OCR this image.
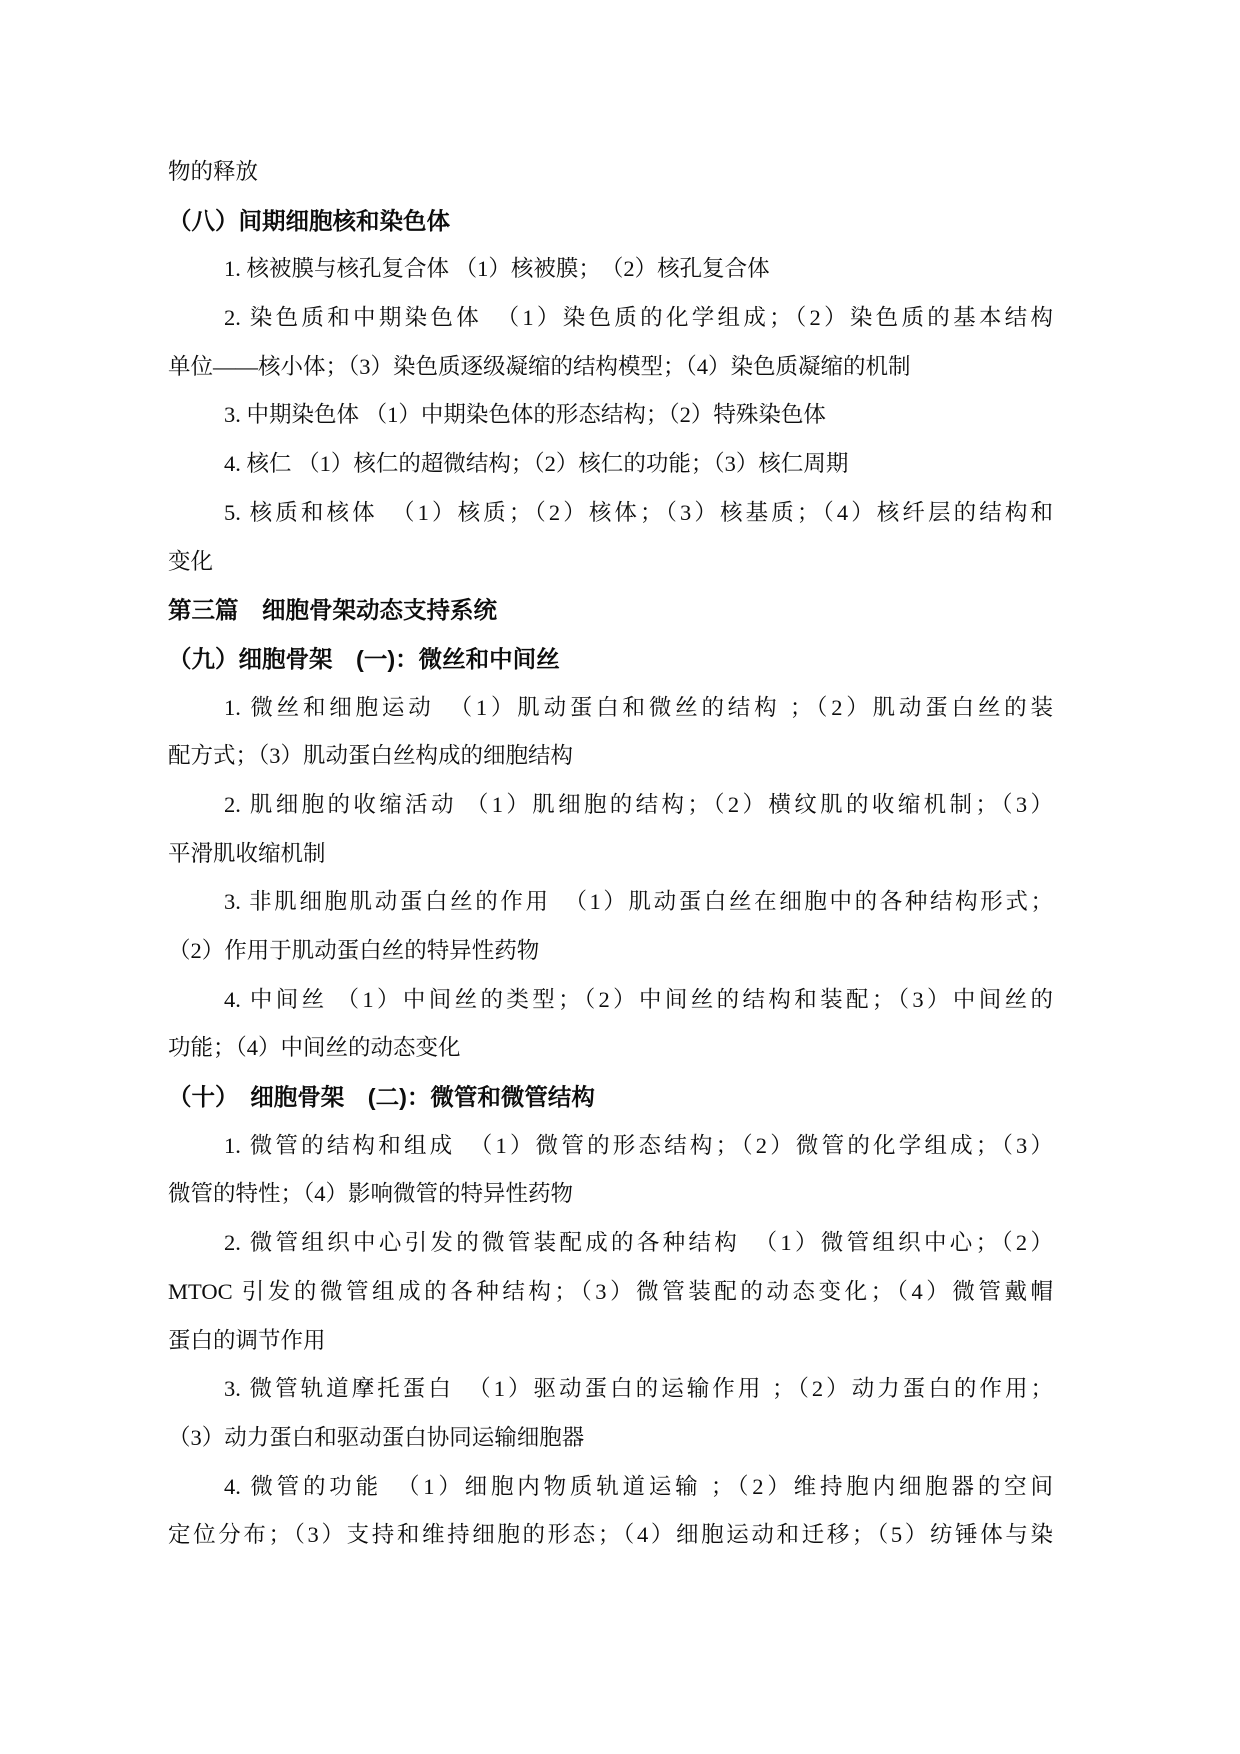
物的释放
（八）间期细胞核和染色体
1. 核被膜与核孔复合体 （1）核被膜；　（2）核孔复合体
2. 染色质和中期染色体　（1）染色质的化学组成；（2）染色质的基本结构
单位——核小体；（3）染色质逐级凝缩的结构模型；（4）染色质凝缩的机制
3. 中期染色体 （1）中期染色体的形态结构；（2）特殊染色体
4. 核仁 （1）核仁的超微结构；（2）核仁的功能；（3）核仁周期
5. 核质和核体　（1）核质；（2）核体；（3）核基质；（4）核纤层的结构和
变化
第三篇　细胞骨架动态支持系统
（九）细胞骨架　(一)：微丝和中间丝
1. 微丝和细胞运动　（1）肌动蛋白和微丝的结构 ；（2）肌动蛋白丝的装
配方式；（3）肌动蛋白丝构成的细胞结构
2. 肌细胞的收缩活动 （1）肌细胞的结构；（2）横纹肌的收缩机制；（3）
平滑肌收缩机制
3. 非肌细胞肌动蛋白丝的作用　（1）肌动蛋白丝在细胞中的各种结构形式；
（2）作用于肌动蛋白丝的特异性药物
4. 中间丝 （1）中间丝的类型；（2）中间丝的结构和装配；（3）中间丝的
功能；（4）中间丝的动态变化
（十）　细胞骨架　(二)：微管和微管结构
1. 微管的结构和组成　（1）微管的形态结构；（2）微管的化学组成；（3）
微管的特性；（4）影响微管的特异性药物
2. 微管组织中心引发的微管装配成的各种结构　（1）微管组织中心；（2）
MTOC 引发的微管组成的各种结构；（3）微管装配的动态变化；（4）微管戴帽
蛋白的调节作用
3. 微管轨道摩托蛋白　（1）驱动蛋白的运输作用 ；（2）动力蛋白的作用；
（3）动力蛋白和驱动蛋白协同运输细胞器
4. 微管的功能　（1）细胞内物质轨道运输 ；（2）维持胞内细胞器的空间
定位分布；（3）支持和维持细胞的形态；（4）细胞运动和迁移；（5）纺锤体与染
